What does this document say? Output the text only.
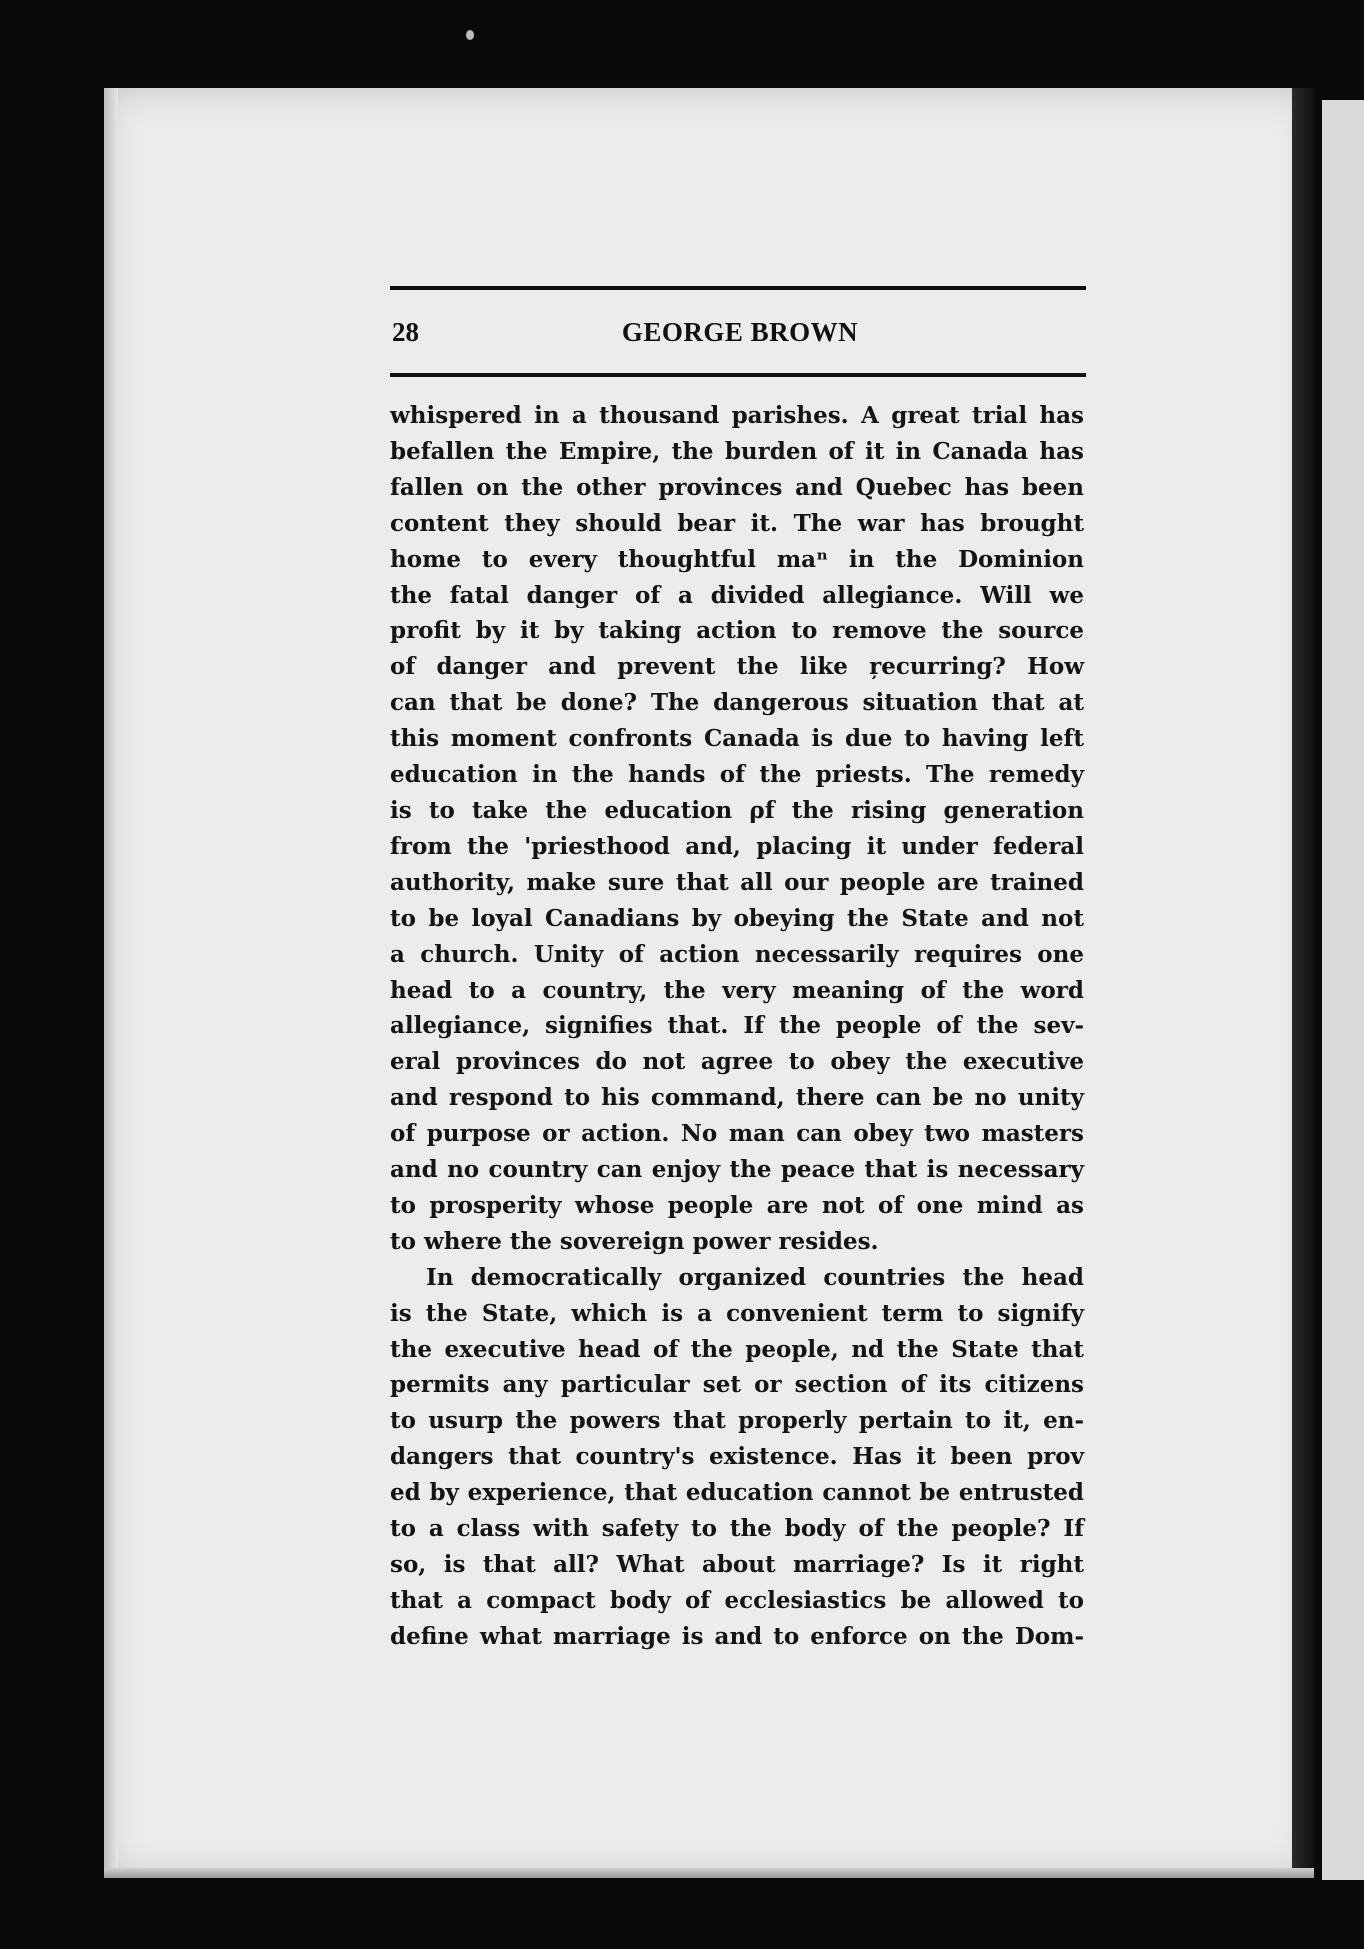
28	GEORGE BROWN

whispered in a thousand parishes. A great trial has
befallen the Empire, the burden of it in Canada has
fallen on the other provinces and Quebec has been
content they should bear it. The war has brought
home to every thoughtful maⁿ in the Dominion
the fatal danger of a divided allegiance. Will we
profit by it by taking action to remove the source
of danger and prevent the like ŗecurring? How
can that be done? The dangerous situation that at
this moment confronts Canada is due to having left
education in the hands of the priests. The remedy
is to take the education ρf the rising generation
from the 'priesthood and, placing it under federal
authority, make sure that all our people are trained
to be loyal Canadians by obeying the State and not
a church. Unity of action necessarily requires one
head to a country, the very meaning of the word
allegiance, signifies that. If the people of the sev-
eral provinces do not agree to obey the executive
and respond to his command, there can be no unity
of purpose or action. No man can obey two masters
and no country can enjoy the peace that is necessary
to prosperity whose people are not of one mind as
to where the sovereign power resides.

In democratically organized countries the head
is the State, which is a convenient term to signify
the executive head of the people, nd the State that
permits any particular set or section of its citizens
to usurp the powers that properly pertain to it, en-
dangers that country's existence. Has it been prov
ed by experience, that education cannot be entrusted
to a class with safety to the body of the people? If
so, is that all? What about marriage? Is it right
that a compact body of ecclesiastics be allowed to
define what marriage is and to enforce on the Dom-
